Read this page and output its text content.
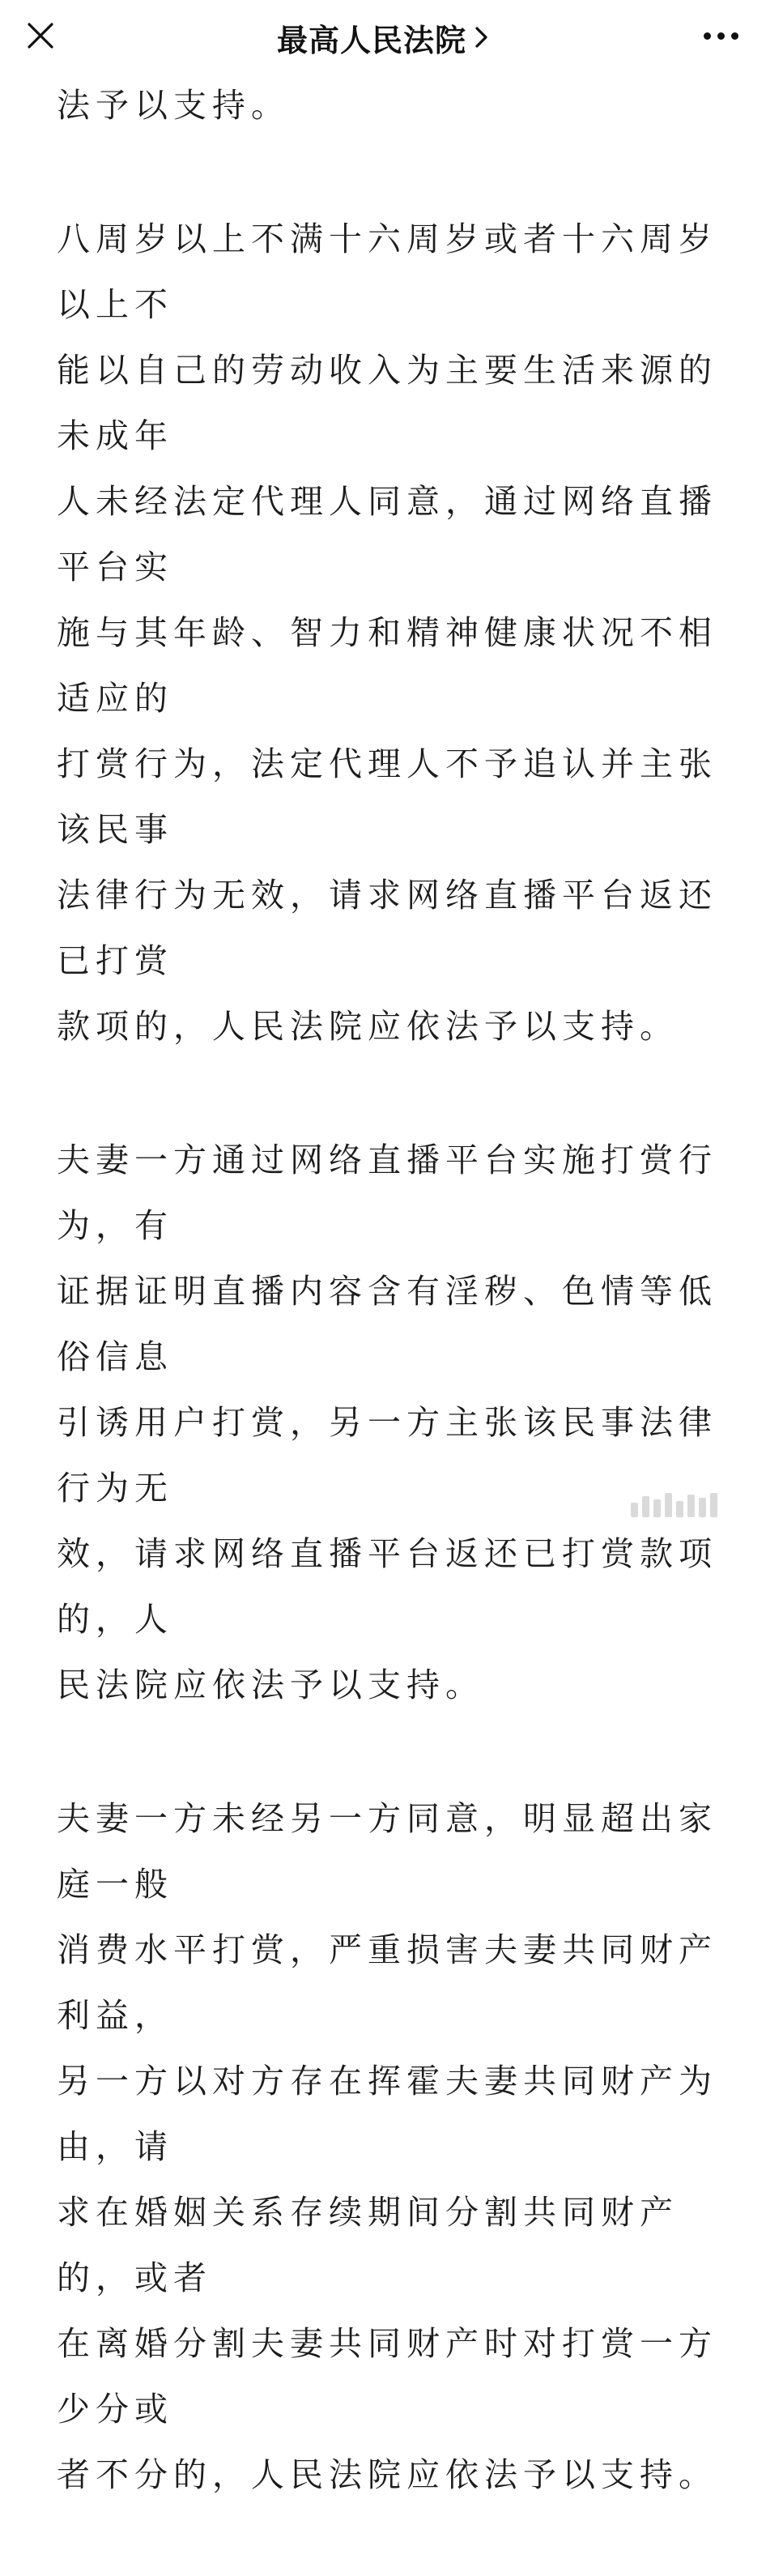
最高人民法院

法予以支持。

八周岁以上不满十六周岁或者十六周岁以上不
能以自己的劳动收入为主要生活来源的未成年
人未经法定代理人同意，通过网络直播平台实
施与其年龄、智力和精神健康状况不相适应的
打赏行为，法定代理人不予追认并主张该民事
法律行为无效，请求网络直播平台返还已打赏
款项的，人民法院应依法予以支持。

夫妻一方通过网络直播平台实施打赏行为，有
证据证明直播内容含有淫秽、色情等低俗信息
引诱用户打赏，另一方主张该民事法律行为无
效，请求网络直播平台返还已打赏款项的，人
民法院应依法予以支持。

夫妻一方未经另一方同意，明显超出家庭一般
消费水平打赏，严重损害夫妻共同财产利益，
另一方以对方存在挥霍夫妻共同财产为由，请
求在婚姻关系存续期间分割共同财产的，或者
在离婚分割夫妻共同财产时对打赏一方少分或
者不分的，人民法院应依法予以支持。
